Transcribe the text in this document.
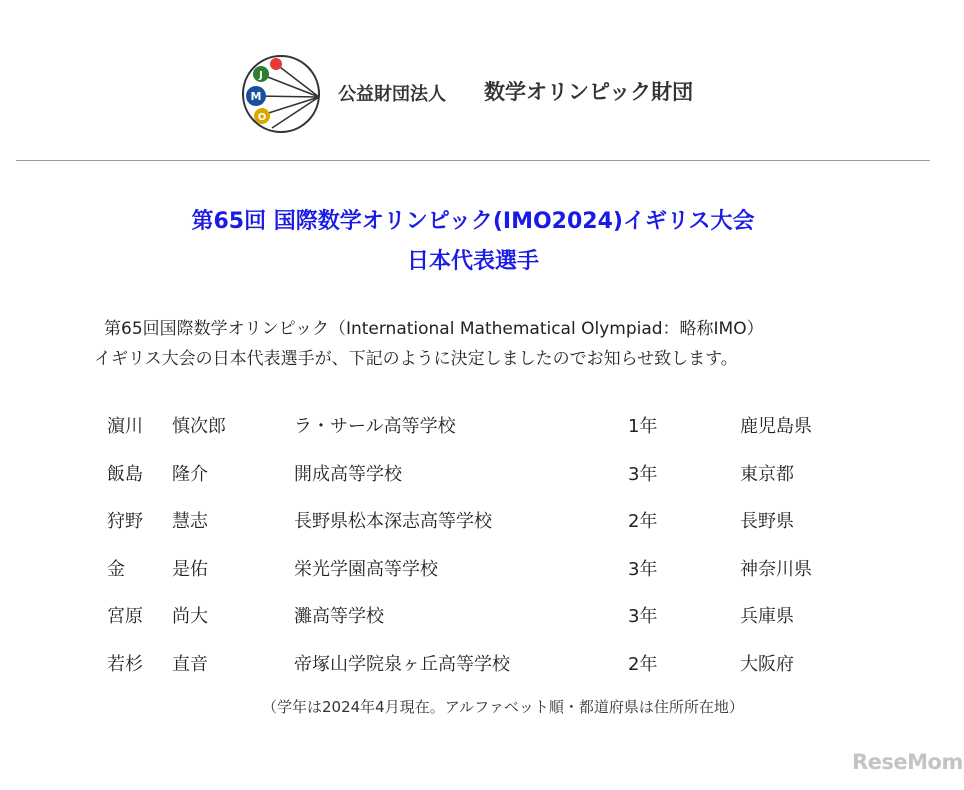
J
M
O
公益財団法人 数学オリンピック財団
第65回 国際数学オリンピック(IMO2024)イギリス大会
日本代表選手
第65回国際数学オリンピック（International Mathematical Olympiad：略称IMO）
イギリス大会の日本代表選手が、下記のように決定しましたのでお知らせ致します。
濵川 慎次郎	ラ・サール高等学校	1年	鹿児島県
飯島 隆介	開成高等学校	3年	東京都
狩野 慧志	長野県松本深志高等学校	2年	長野県
金	是佑	栄光学園高等学校	3年	神奈川県
宮原 尚大	灘高等学校	3年	兵庫県
若杉 直音	帝塚山学院泉ヶ丘高等学校	2年	大阪府
（学年は2024年4月現在。アルファベット順・都道府県は住所所在地）
ReseMom
